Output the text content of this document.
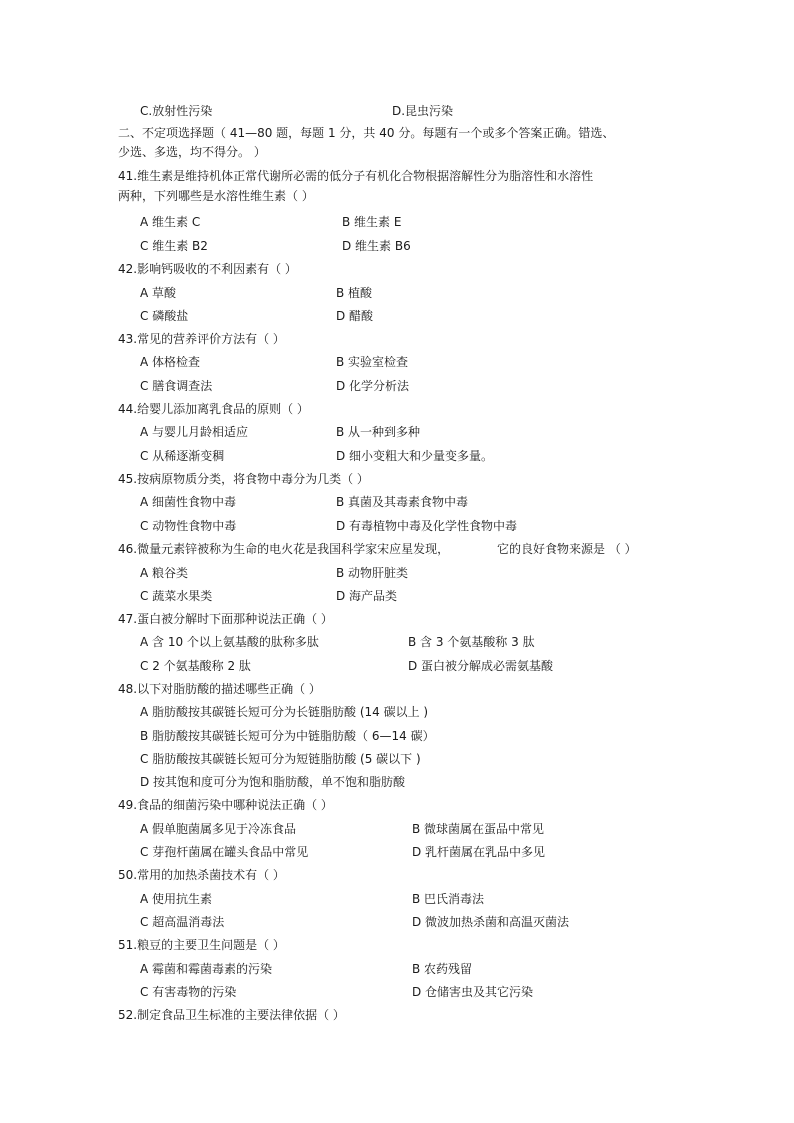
C.放射性污染	D.昆虫污染
二、不定项选择题（ 41—80 题，每题 1 分，共 40 分。每题有一个或多个答案正确。错选、
少选、多选，均不得分。 ）
41.维生素是维持机体正常代谢所必需的低分子有机化合物根据溶解性分为脂溶性和水溶性
两种，下列哪些是水溶性维生素（ ）
A 维生素 C	B 维生素 E
C 维生素 B2	D 维生素 B6
42.影响钙吸收的不利因素有（ ）
A 草酸	B 植酸
C 磷酸盐	D 醋酸
43.常见的营养评价方法有（ ）
A 体格检查	B 实验室检查
C 膳食调查法	D 化学分析法
44.给婴儿添加离乳食品的原则（ ）
A 与婴儿月龄相适应	B 从一种到多种
C 从稀逐渐变稠	D 细小变粗大和少量变多量。
45.按病原物质分类，将食物中毒分为几类（ ）
A 细菌性食物中毒	B 真菌及其毒素食物中毒
C 动物性食物中毒	D 有毒植物中毒及化学性食物中毒
46.微量元素锌被称为生命的电火花是我国科学家宋应星发现，	它的良好食物来源是 （ ）
A 粮谷类	B 动物肝脏类
C 蔬菜水果类	D 海产品类
47.蛋白被分解时下面那种说法正确（ ）
A 含 10 个以上氨基酸的肽称多肽	B 含 3 个氨基酸称 3 肽
C 2 个氨基酸称 2 肽	D 蛋白被分解成必需氨基酸
48.以下对脂肪酸的描述哪些正确（ ）
A 脂肪酸按其碳链长短可分为长链脂肪酸 (14 碳以上 )
B 脂肪酸按其碳链长短可分为中链脂肪酸（ 6—14 碳）
C 脂肪酸按其碳链长短可分为短链脂肪酸 (5 碳以下 )
D 按其饱和度可分为饱和脂肪酸，单不饱和脂肪酸
49.食品的细菌污染中哪种说法正确（ ）
A 假单胞菌属多见于冷冻食品	B 微球菌属在蛋品中常见
C 芽孢杆菌属在罐头食品中常见	D 乳杆菌属在乳品中多见
50.常用的加热杀菌技术有（ ）
A 使用抗生素	B 巴氏消毒法
C 超高温消毒法	D 微波加热杀菌和高温灭菌法
51.粮豆的主要卫生问题是（ ）
A 霉菌和霉菌毒素的污染	B 农药残留
C 有害毒物的污染	D 仓储害虫及其它污染
52.制定食品卫生标准的主要法律依据（ ）
